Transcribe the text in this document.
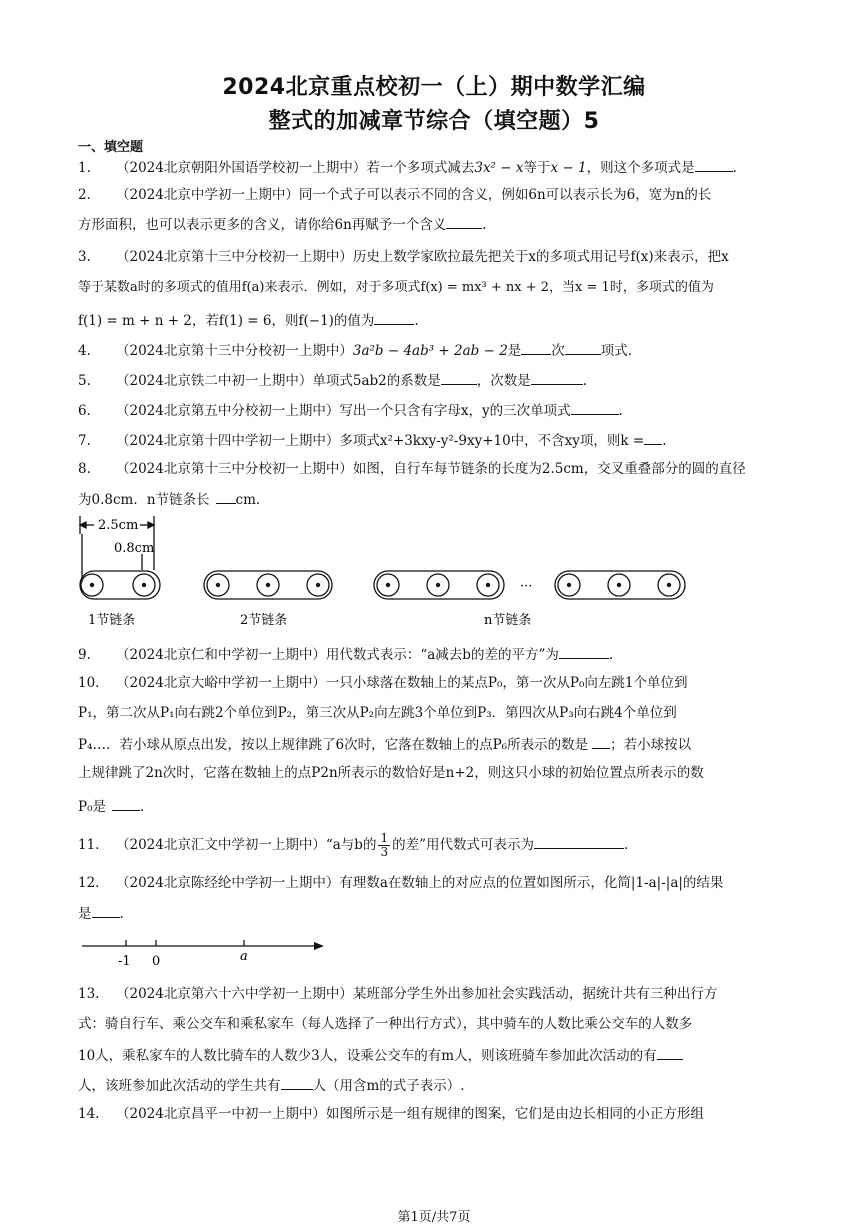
2024北京重点校初一（上）期中数学汇编
整式的加减章节综合（填空题）5
一、填空题
1. （2024北京朝阳外国语学校初一上期中）若一个多项式减去3x² − x等于x − 1，则这个多项式是	.
2. （2024北京中学初一上期中）同一个式子可以表示不同的含义，例如6n可以表示长为6，宽为n的长
方形面积，也可以表示更多的含义，请你给6n再赋予一个含义	.
3. （2024北京第十三中分校初一上期中）历史上数学家欧拉最先把关于x的多项式用记号f(x)来表示，把x
等于某数a时的多项式的值用f(a)来表示．例如，对于多项式f(x) = mx³ + nx + 2，当x = 1时，多项式的值为
f(1) = m + n + 2，若f(1) = 6，则f(−1)的值为	.
4. （2024北京第十三中分校初一上期中）3a²b − 4ab³ + 2ab − 2是 次	项式.
5. （2024北京铁二中初一上期中）单项式5ab2的系数是	，次数是	.
6. （2024北京第五中分校初一上期中）写出一个只含有字母x，y的三次单项式	.
7. （2024北京第十四中学初一上期中）多项式x²+3kxy-y²-9xy+10中，不含xy项，则k = .
8. （2024北京第十三中分校初一上期中）如图，自行车每节链条的长度为2.5cm，交叉重叠部分的圆的直径
为0.8cm．n节链条长 cm.
2.5cm
0.8cm
···
1节链条	2节链条	n节链条
9. （2024北京仁和中学初一上期中）用代数式表示：“a减去b的差的平方”为	.
10. （2024北京大峪中学初一上期中）一只小球落在数轴上的某点P₀，第一次从P₀向左跳1个单位到
P₁，第二次从P₁向右跳2个单位到P₂，第三次从P₂向左跳3个单位到P₃．第四次从P₃向右跳4个单位到
P₄…．若小球从原点出发，按以上规律跳了6次时，它落在数轴上的点P₆所表示的数是 ；若小球按以
上规律跳了2n次时，它落在数轴上的点P2n所表示的数恰好是n+2，则这只小球的初始位置点所表示的数
P₀是	.
11. （2024北京汇文中学初一上期中）“a与b的 $\frac{1}{3}$ 的差”用代数式可表示为	.
12. （2024北京陈经纶中学初一上期中）有理数a在数轴上的对应点的位置如图所示，化简|1-a|-|a|的结果
是 .
-1 0	a
13. （2024北京第六十六中学初一上期中）某班部分学生外出参加社会实践活动，据统计共有三种出行方
式：骑自行车、乘公交车和乘私家车（每人选择了一种出行方式），其中骑车的人数比乘公交车的人数多
10人，乘私家车的人数比骑车的人数少3人，设乘公交车的有m人，则该班骑车参加此次活动的有
人，该班参加此次活动的学生共有 人（用含m的式子表示）.
14. （2024北京昌平一中初一上期中）如图所示是一组有规律的图案，它们是由边长相同的小正方形组
第1页/共7页
